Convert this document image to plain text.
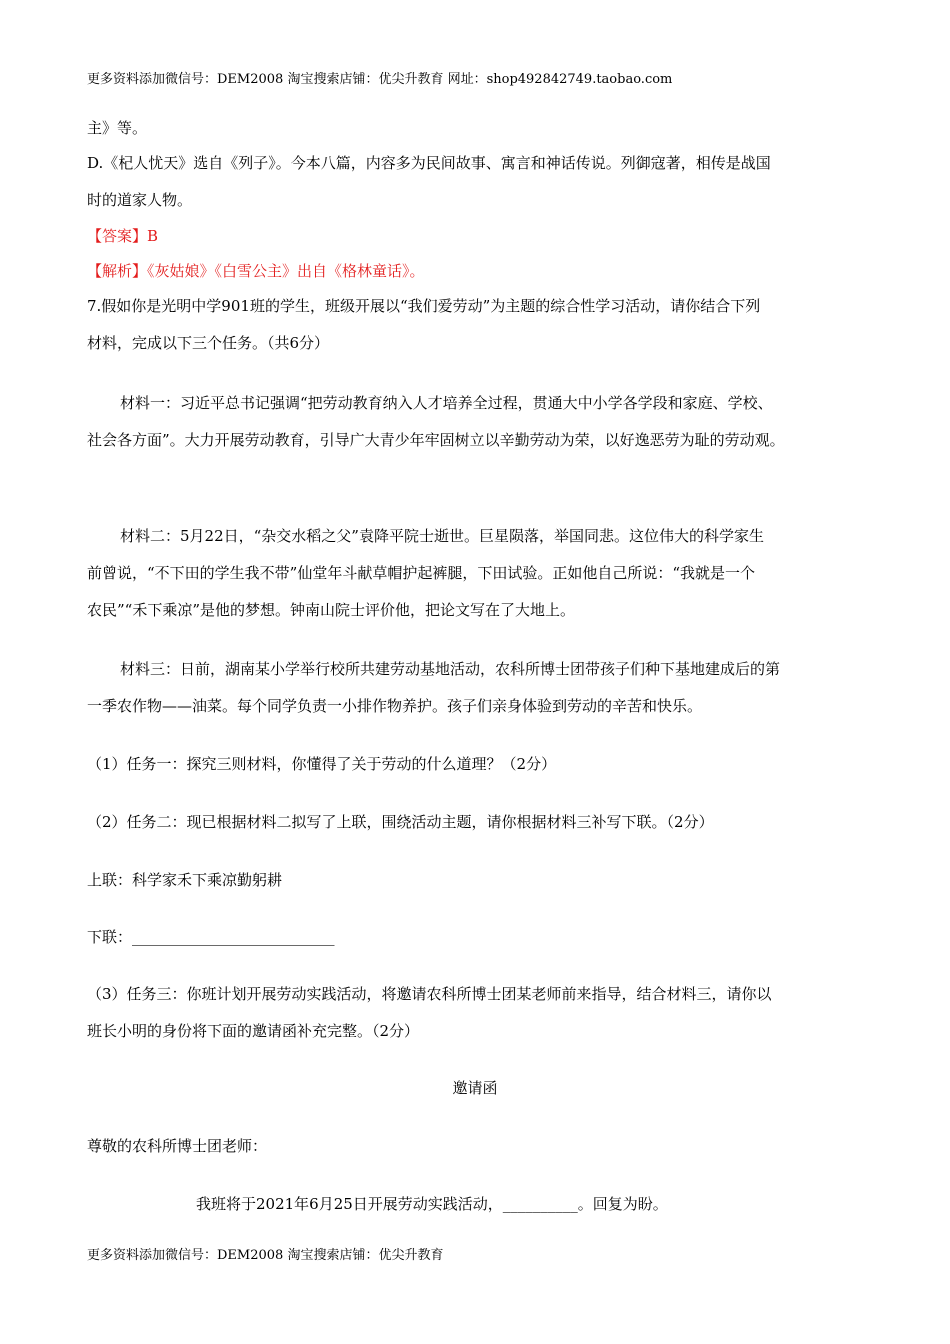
更多资料添加微信号：DEM2008 淘宝搜索店铺：优尖升教育 网址：shop492842749.taobao.com
主》等。
D.《杞人忧天》选自《列子》。今本八篇，内容多为民间故事、寓言和神话传说。列御寇著，相传是战国
时的道家人物。
【答案】B
【解析】《灰姑娘》《白雪公主》出自《格林童话》。
7.假如你是光明中学901班的学生，班级开展以“我们爱劳动”为主题的综合性学习活动，请你结合下列
材料，完成以下三个任务。（共6分）
材料一：习近平总书记强调“把劳动教育纳入人才培养全过程，贯通大中小学各学段和家庭、学校、
社会各方面”。大力开展劳动教育，引导广大青少年牢固树立以辛勤劳动为荣，以好逸恶劳为耻的劳动观。
材料二：5月22日，“杂交水稻之父”袁降平院士逝世。巨星陨落，举国同悲。这位伟大的科学家生
前曾说，“不下田的学生我不带”仙堂年斗献草帽护起裤腿，下田试验。正如他自己所说：“我就是一个
农民”“禾下乘凉”是他的梦想。钟南山院士评价他，把论文写在了大地上。
材料三：日前，湖南某小学举行校所共建劳动基地活动，农科所博士团带孩子们种下基地建成后的第
一季农作物——油菜。每个同学负责一小排作物养护。孩子们亲身体验到劳动的辛苦和快乐。
（1）任务一：探究三则材料，你懂得了关于劳动的什么道理？（2分）
（2）任务二：现已根据材料二拟写了上联，围绕活动主题，请你根据材料三补写下联。（2分）
上联：科学家禾下乘凉勤躬耕
下联：___________________________
（3）任务三：你班计划开展劳动实践活动，将邀请农科所博士团某老师前来指导，结合材料三，请你以
班长小明的身份将下面的邀请函补充完整。（2分）
邀请函
尊敬的农科所博士团老师：
我班将于2021年6月25日开展劳动实践活动，__________。回复为盼。
更多资料添加微信号：DEM2008 淘宝搜索店铺：优尖升教育
